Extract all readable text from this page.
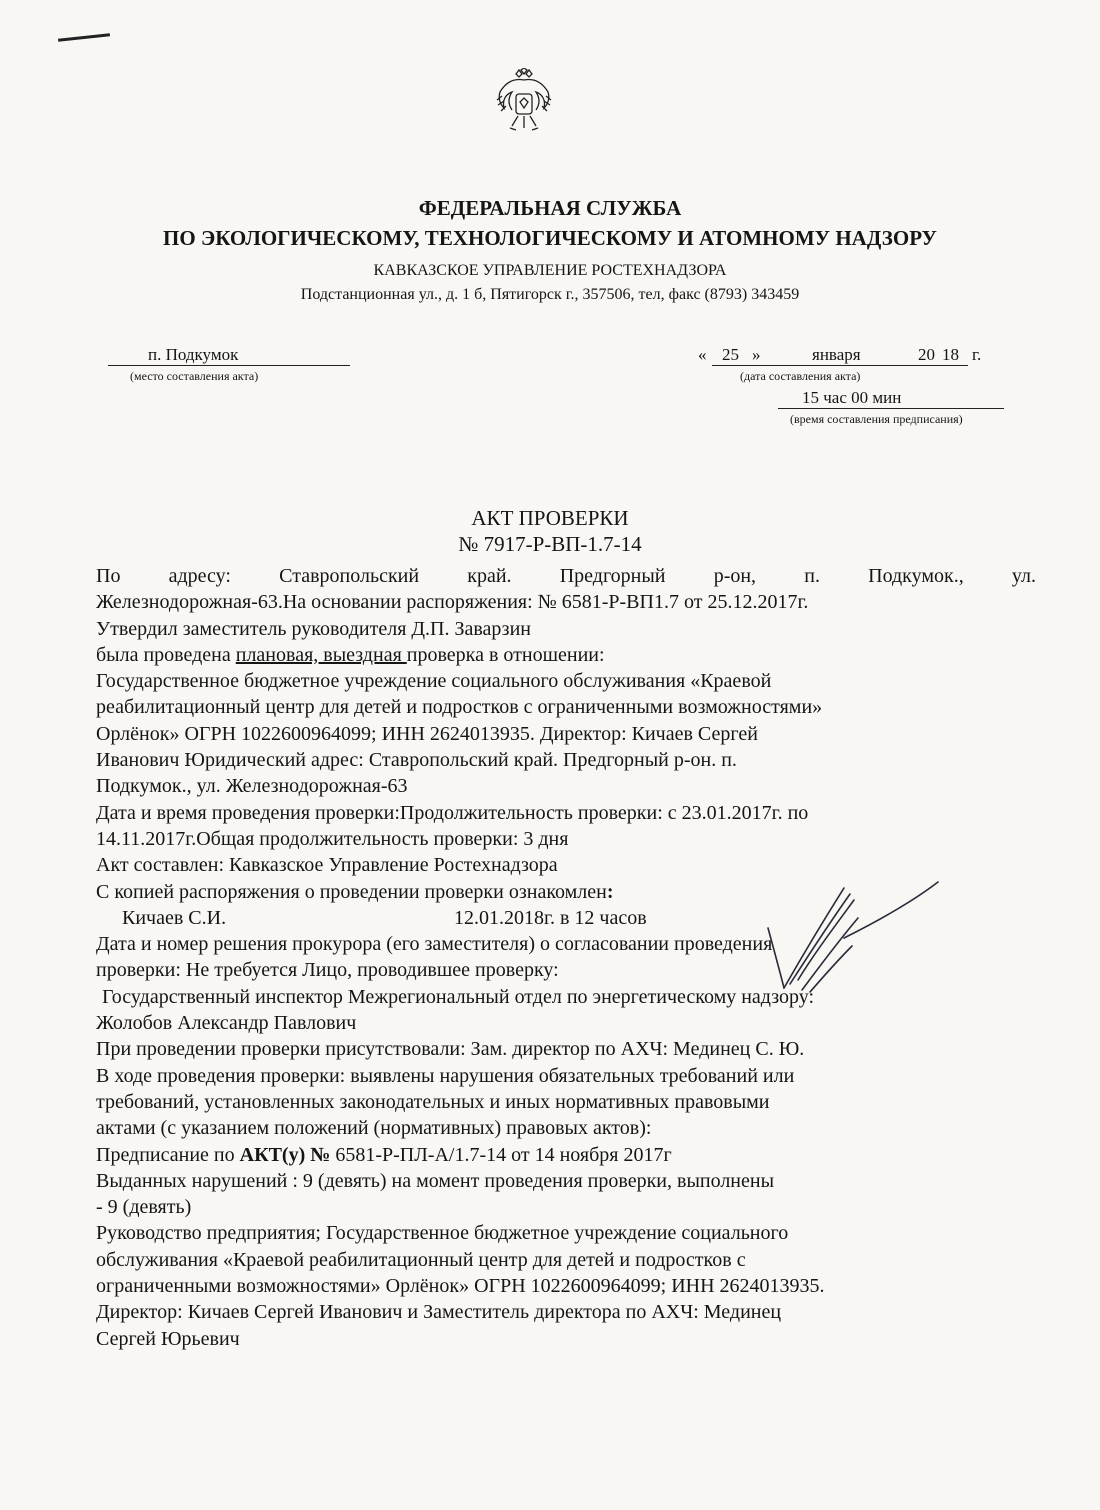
ФЕДЕРАЛЬНАЯ СЛУЖБА
ПО ЭКОЛОГИЧЕСКОМУ, ТЕХНОЛОГИЧЕСКОМУ И АТОМНОМУ НАДЗОРУ
КАВКАЗСКОЕ УПРАВЛЕНИЕ РОСТЕХНАДЗОРА
Подстанционная ул., д. 1 б, Пятигорск г., 357506, тел, факс (8793) 343459
п. Подкумок
(место составления акта)
« 25 »	января	20 18 г.
(дата составления акта)
15 час 00 мин
(время составления предписания)
АКТ ПРОВЕРКИ
№ 7917-Р-ВП-1.7-14

По адресу: Ставропольский край. Предгорный р-он, п. Подкумок., ул.

Железнодорожная-63.На основании распоряжения: № 6581-Р-ВП1.7 от 25.12.2017г.

Утвердил заместитель руководителя Д.П. Заварзин

была проведена плановая, выездная проверка в отношении:

Государственное бюджетное учреждение социального обслуживания «Краевой

реабилитационный центр для детей и подростков с ограниченными возможностями»

Орлёнок» ОГРН 1022600964099; ИНН 2624013935. Директор: Кичаев Сергей

Иванович Юридический адрес: Ставропольский край. Предгорный р-он. п.

Подкумок., ул. Железнодорожная-63

Дата и время проведения проверки:Продолжительность проверки: с 23.01.2017г. по

14.11.2017г.Общая продолжительность проверки: 3 дня

Акт составлен: Кавказское Управление Ростехнадзора

С копией распоряжения о проведении проверки ознакомлен:

Кичаев С.И.	12.01.2018г. в 12 часов

Дата и номер решения прокурора (его заместителя) о согласовании проведения

проверки: Не требуется Лицо, проводившее проверку:

Государственный инспектор Межрегиональный отдел по энергетическому надзору:

Жолобов Александр Павлович

При проведении проверки присутствовали: Зам. директор по АХЧ: Мединец С. Ю.

В ходе проведения проверки: выявлены нарушения обязательных требований или

требований, установленных законодательных и иных нормативных правовыми

актами (с указанием положений (нормативных) правовых актов):

Предписание по АКТ(у) № 6581-Р-ПЛ-А/1.7-14 от 14 ноября 2017г

Выданных нарушений : 9 (девять) на момент проведения проверки, выполнены

- 9 (девять)

Руководство предприятия; Государственное бюджетное учреждение социального

обслуживания «Краевой реабилитационный центр для детей и подростков с

ограниченными возможностями» Орлёнок» ОГРН 1022600964099; ИНН 2624013935.

Директор: Кичаев Сергей Иванович и Заместитель директора по АХЧ: Мединец

Сергей Юрьевич
